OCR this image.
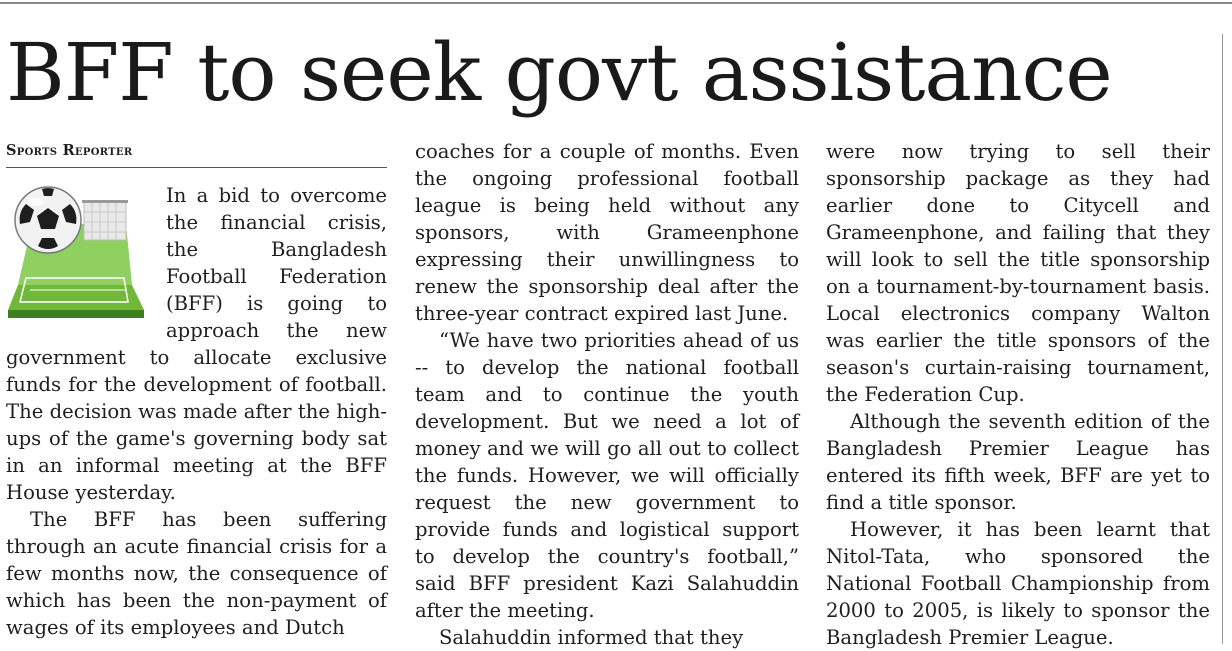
BFF to seek govt assistance
Sports Reporter

In a bid to overcome the financial crisis, the Bangladesh Football Federation (BFF) is going to approach the new government to allocate exclusive funds for the development of football. The decision was made after the high-ups of the game's governing body sat in an informal meeting at the BFF House yesterday.

The BFF has been suffering through an acute financial crisis for a few months now, the consequence of which has been the non-payment of wages of its employees and Dutch

coaches for a couple of months. Even the ongoing professional football league is being held without any sponsors, with Grameenphone expressing their unwillingness to renew the sponsorship deal after the three-year contract expired last June.

“We have two priorities ahead of us -- to develop the national football team and to continue the youth development. But we need a lot of money and we will go all out to collect the funds. However, we will officially request the new government to provide funds and logistical support to develop the country's football,” said BFF president Kazi Salahuddin after the meeting.

Salahuddin informed that they

were now trying to sell their sponsorship package as they had earlier done to Citycell and Grameenphone, and failing that they will look to sell the title sponsorship on a tournament-by-tournament basis. Local electronics company Walton was earlier the title sponsors of the season's curtain-raising tournament, the Federation Cup.

Although the seventh edition of the Bangladesh Premier League has entered its fifth week, BFF are yet to find a title sponsor.

However, it has been learnt that Nitol-Tata, who sponsored the National Football Championship from 2000 to 2005, is likely to sponsor the Bangladesh Premier League.
